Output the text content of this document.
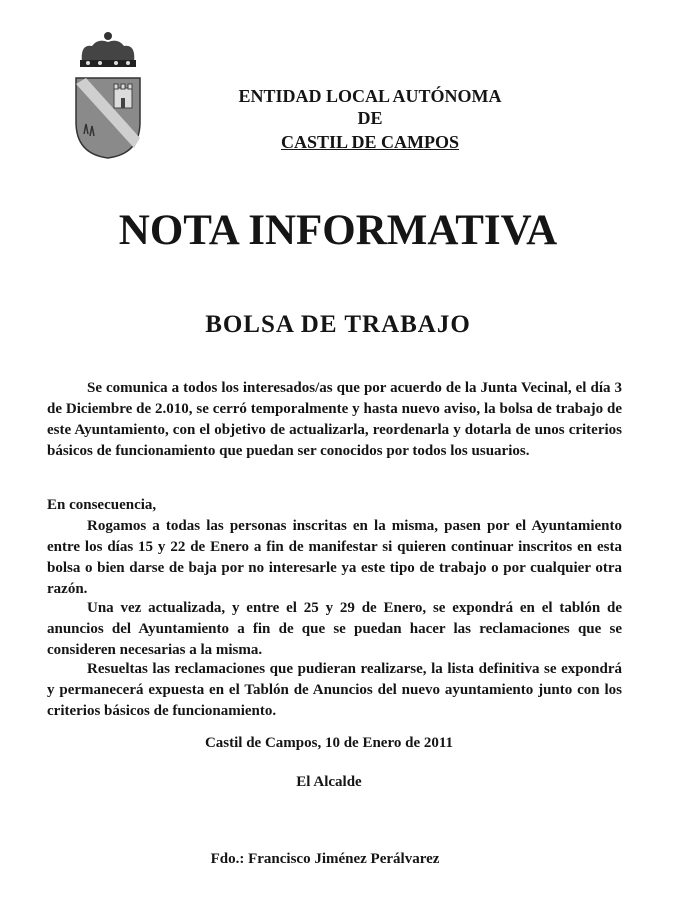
ENTIDAD LOCAL AUTÓNOMA
DE
CASTIL DE CAMPOS
NOTA INFORMATIVA
BOLSA DE TRABAJO

Se comunica a todos los interesados/as que por acuerdo de la Junta Vecinal, el día 3 de Diciembre de 2.010, se cerró temporalmente y hasta nuevo aviso, la bolsa de trabajo de este Ayuntamiento, con el objetivo de actualizarla, reordenarla y dotarla de unos criterios básicos de funcionamiento que puedan ser conocidos por todos los usuarios.

En consecuencia,

Rogamos a todas las personas inscritas en la misma, pasen por el Ayuntamiento entre los días 15 y 22 de Enero a fin de manifestar si quieren continuar inscritos en esta bolsa o bien darse de baja por no interesarle ya este tipo de trabajo o por cualquier otra razón.

Una vez actualizada, y entre el 25 y 29 de Enero, se expondrá en el tablón de anuncios del Ayuntamiento a fin de que se puedan hacer las reclamaciones que se consideren necesarias a la misma.

Resueltas las reclamaciones que pudieran realizarse, la lista definitiva se expondrá y permanecerá expuesta en el Tablón de Anuncios del nuevo ayuntamiento junto con los criterios básicos de funcionamiento.

Castil de Campos, 10 de Enero de 2011
El Alcalde
Fdo.: Francisco Jiménez Perálvarez
